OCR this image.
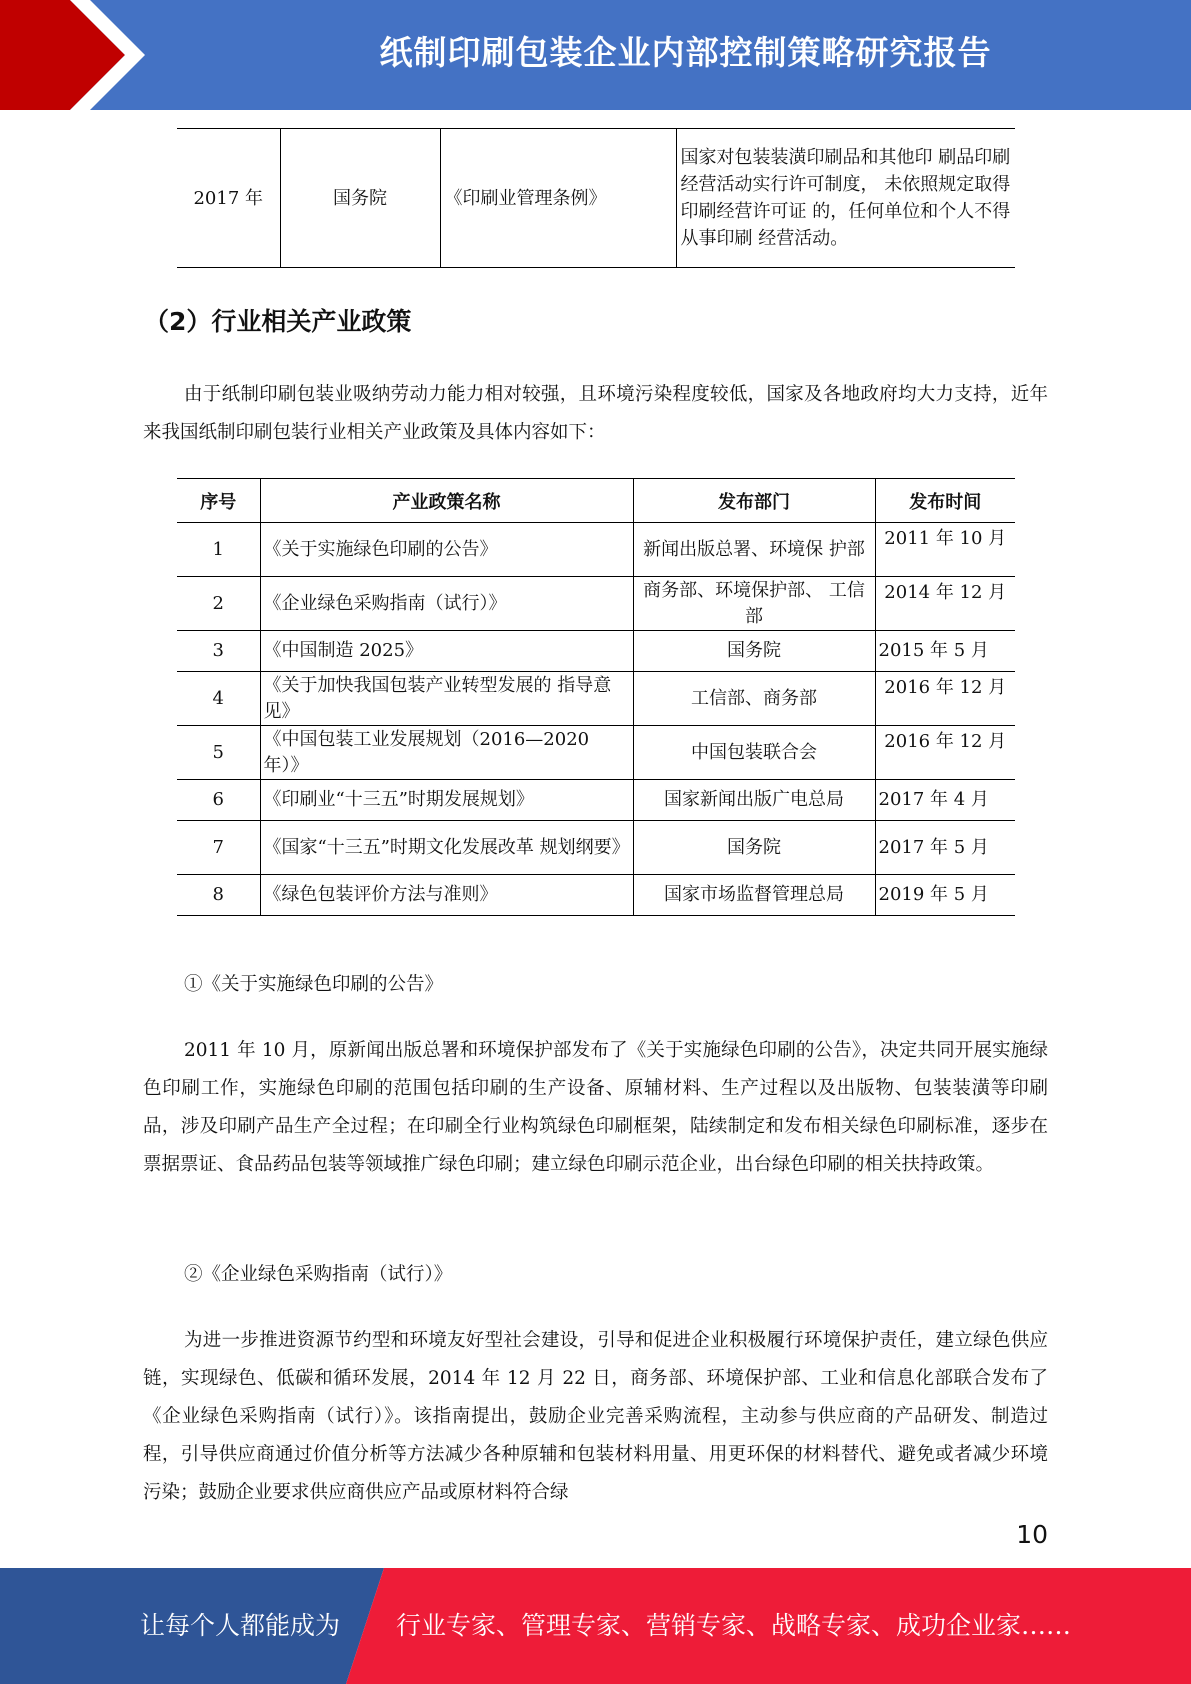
纸制印刷包装企业内部控制策略研究报告
2017 年	国务院	《印刷业管理条例》	国家对包装装潢印刷品和其他印 刷品印刷经营活动实行许可制度， 未依照规定取得印刷经营许可证 的，任何单位和个人不得从事印刷 经营活动。
（2）行业相关产业政策

由于纸制印刷包装业吸纳劳动力能力相对较强，且环境污染程度较低，国家及各地政府均大力支持，近年来我国纸制印刷包装行业相关产业政策及具体内容如下：

序号	产业政策名称	发布部门	发布时间
1	《关于实施绿色印刷的公告》	新闻出版总署、环境保 护部	2011 年 10 月

2	《企业绿色采购指南（试行）》	商务部、环境保护部、 工信部	2014 年 12 月

3	《中国制造 2025》	国务院	2015 年 5 月
4	《关于加快我国包装产业转型发展的 指导意见》	工信部、商务部	2016 年 12 月

5	《中国包装工业发展规划（2016—2020 年）》	中国包装联合会	2016 年 12 月

6	《印刷业“十三五”时期发展规划》	国家新闻出版广电总局	2017 年 4 月
7	《国家“十三五”时期文化发展改革 规划纲要》	国务院	2017 年 5 月
8	《绿色包装评价方法与准则》	国家市场监督管理总局	2019 年 5 月
①《关于实施绿色印刷的公告》

2011 年 10 月，原新闻出版总署和环境保护部发布了《关于实施绿色印刷的公告》，决定共同开展实施绿色印刷工作，实施绿色印刷的范围包括印刷的生产设备、原辅材料、生产过程以及出版物、包装装潢等印刷品，涉及印刷产品生产全过程；在印刷全行业构筑绿色印刷框架，陆续制定和发布相关绿色印刷标准，逐步在票据票证、食品药品包装等领域推广绿色印刷；建立绿色印刷示范企业，出台绿色印刷的相关扶持政策。

②《企业绿色采购指南（试行）》

为进一步推进资源节约型和环境友好型社会建设，引导和促进企业积极履行环境保护责任，建立绿色供应链，实现绿色、低碳和循环发展，2014 年 12 月 22 日，商务部、环境保护部、工业和信息化部联合发布了《企业绿色采购指南（试行）》。该指南提出，鼓励企业完善采购流程，主动参与供应商的产品研发、制造过程，引导供应商通过价值分析等方法减少各种原辅和包装材料用量、用更环保的材料替代、避免或者减少环境污染；鼓励企业要求供应商供应产品或原材料符合绿

10
让每个人都能成为 行业专家、管理专家、营销专家、战略专家、成功企业家……
